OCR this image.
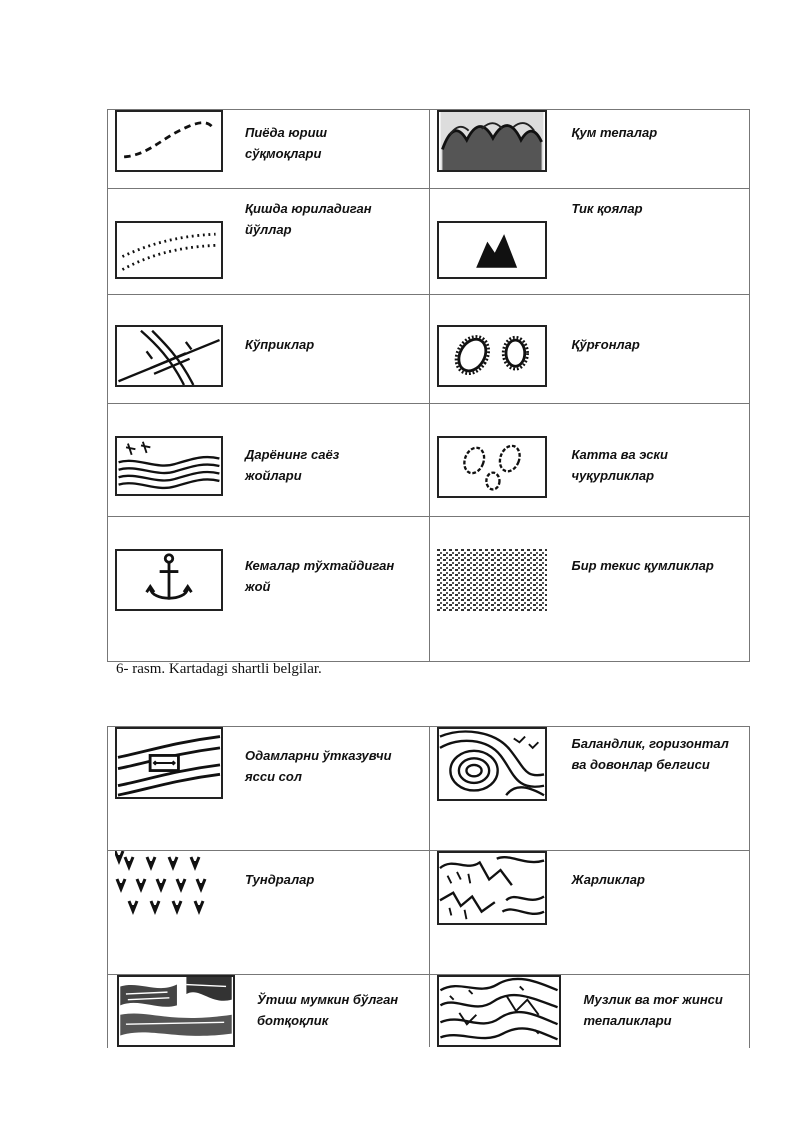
Пиёда юриш сўқмоқлари
Қум тепалар
Қишда юриладиган йўллар
Тик қоялар
Кўприклар	Қўрғонлар
Дарёнинг саёз жойлари
Катта ва эски чуқурликлар
Кемалар тўхтайдиган жой
Бир текис қумликлар
6- rasm. Kartadagi shartli belgilar.
Одамларни ўтказувчи ясси сол
Баландлик, горизонтал ва довонлар белгиси
Тундралар	Жарликлар
Ўтиш мумкин бўлган ботқоқлик
Музлик ва тоғ жинси тепаликлари
